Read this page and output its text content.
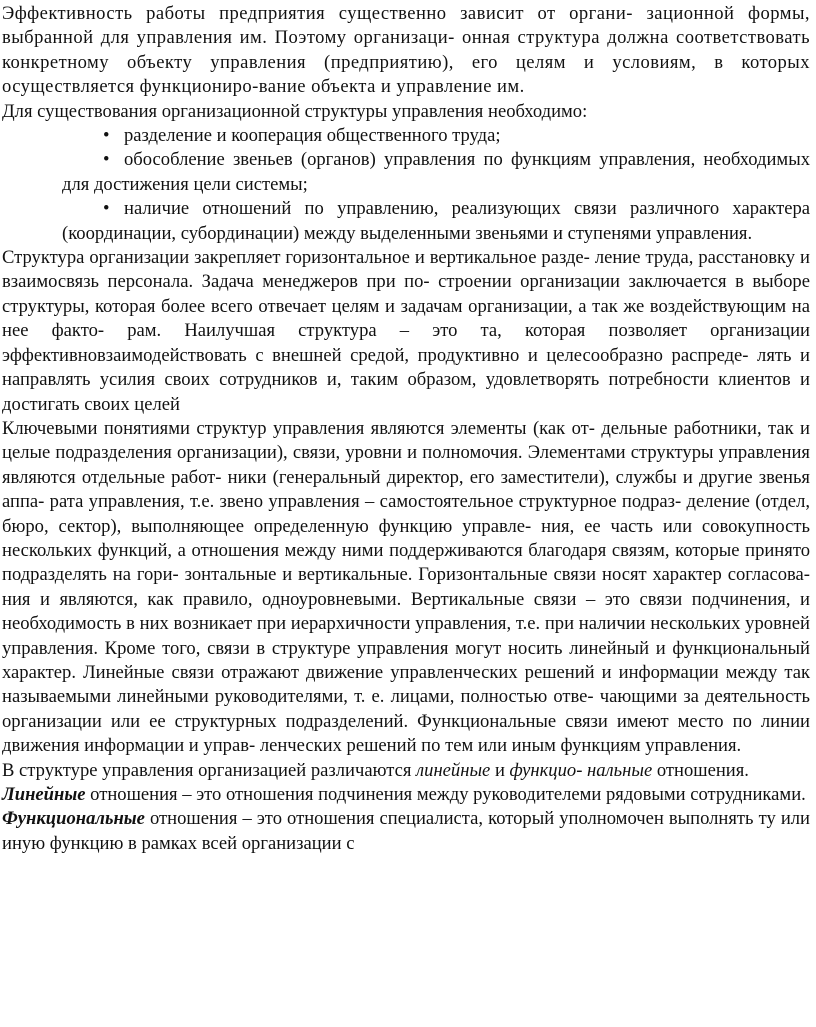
Эффективность работы предприятия существенно зависит от органи- зационной формы, выбранной для управления им. Поэтому организаци- онная структура должна соответствовать конкретному объекту управления (предприятию), его целям и условиям, в которых осуществляется функциониро-вание объекта и управление им.

Для существования организационной структуры управления необходимо:

• разделение и кооперация общественного труда;
• обособление звеньев (органов) управления по функциям управления, необходимых для достижения цели системы;
• наличие отношений по управлению, реализующих связи различного характера (координации, субординации) между выделенными звеньями и ступенями управления.

Структура организации закрепляет горизонтальное и вертикальное разде- ление труда, расстановку и взаимосвязь персонала. Задача менеджеров при по- строении организации заключается в выборе структуры, которая более всего отвечает целям и задачам организации, а так же воздействующим на нее факто- рам. Наилучшая структура – это та, которая позволяет организации эффективновзаимодействовать с внешней средой, продуктивно и целесообразно распреде- лять и направлять усилия своих сотрудников и, таким образом, удовлетворять потребности клиентов и достигать своих целей

Ключевыми понятиями структур управления являются элементы (как от- дельные работники, так и целые подразделения организации), связи, уровни и полномочия. Элементами структуры управления являются отдельные работ- ники (генеральный директор, его заместители), службы и другие звенья аппа- рата управления, т.е. звено управления – самостоятельное структурное подраз- деление (отдел, бюро, сектор), выполняющее определенную функцию управле- ния, ее часть или совокупность нескольких функций, а отношения между ними поддерживаются благодаря связям, которые принято подразделять на гори- зонтальные и вертикальные. Горизонтальные связи носят характер согласова- ния и являются, как правило, одноуровневыми. Вертикальные связи – это связи подчинения, и необходимость в них возникает при иерархичности управления, т.е. при наличии нескольких уровней управления. Кроме того, связи в структуре управления могут носить линейный и функциональный характер. Линейные связи отражают движение управленческих решений и информации между так называемыми линейными руководителями, т. е. лицами, полностью отве- чающими за деятельность организации или ее структурных подразделений. Функциональные связи имеют место по линии движения информации и управ- ленческих решений по тем или иным функциям управления.

В структуре управления организацией различаются линейные и функцио- нальные отношения.

Линейные отношения – это отношения подчинения между руководителеми рядовыми сотрудниками.

Функциональные отношения – это отношения специалиста, который уполномочен выполнять ту или иную функцию в рамках всей организации с
